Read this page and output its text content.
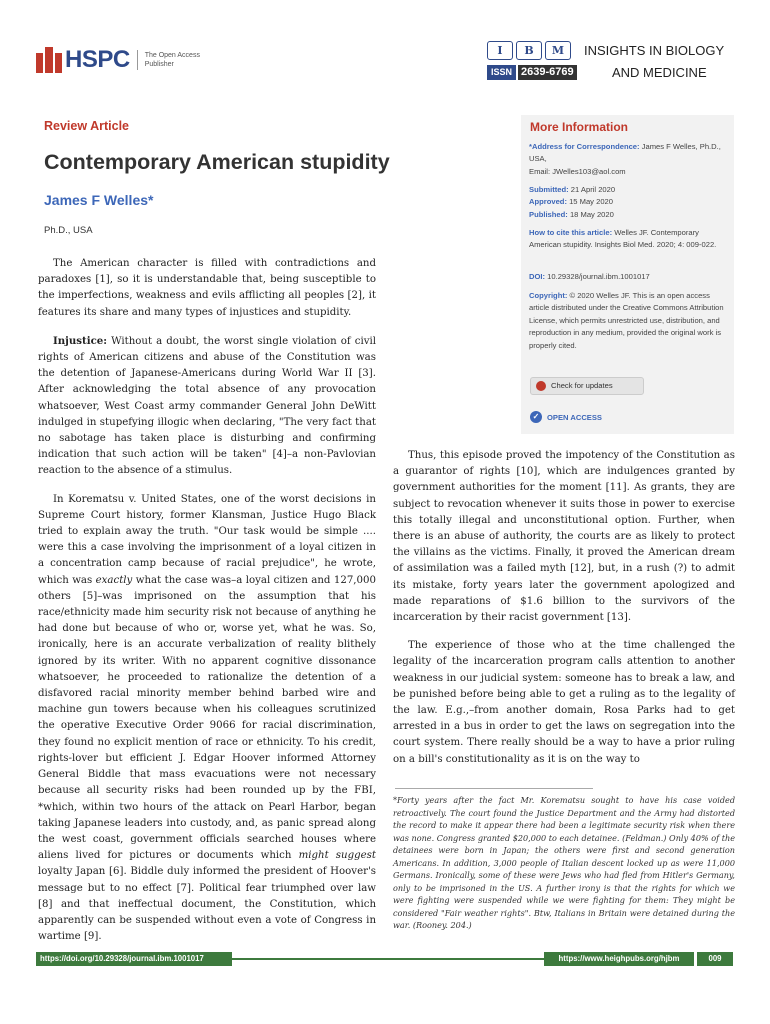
HSPC The Open Access
Publisher
I B M	INSIGHTS IN BIOLOGY
ISSN 2639-6769	AND MEDICINE
Review Article
Contemporary American stupidity
James F Welles*
Ph.D., USA
More Information
*Address for Correspondence: James F Welles, Ph.D., USA,
Email: JWelles103@aol.com
Submitted: 21 April 2020
Approved: 15 May 2020
Published: 18 May 2020
How to cite this article: Welles JF. Contemporary American stupidity. Insights Biol Med. 2020; 4: 009-022.
DOI: 10.29328/journal.ibm.1001017
Copyright: © 2020 Welles JF. This is an open access article distributed under the Creative Commons Attribution License, which permits unrestricted use, distribution, and reproduction in any medium, provided the original work is properly cited.
Check for updates
✓	OPEN ACCESS

The American character is filled with contradictions and paradoxes [1], so it is understandable that, being susceptible to the imperfections, weakness and evils afflicting all peoples [2], it features its share and many types of injustices and stupidity.

Injustice: Without a doubt, the worst single violation of civil rights of American citizens and abuse of the Constitution was the detention of Japanese-Americans during World War II [3]. After acknowledging the total absence of any provocation whatsoever, West Coast army commander General John DeWitt indulged in stupefying illogic when declaring, "The very fact that no sabotage has taken place is disturbing and confirming indication that such action will be taken" [4]–a non-Pavlovian reaction to the absence of a stimulus.

In Korematsu v. United States, one of the worst decisions in Supreme Court history, former Klansman, Justice Hugo Black tried to explain away the truth. "Our task would be simple .... were this a case involving the imprisonment of a loyal citizen in a concentration camp because of racial prejudice", he wrote, which was exactly what the case was–a loyal citizen and 127,000 others [5]–was imprisoned on the assumption that his race/ethnicity made him security risk not because of anything he had done but because of who or, worse yet, what he was. So, ironically, here is an accurate verbalization of reality blithely ignored by its writer. With no apparent cognitive dissonance whatsoever, he proceeded to rationalize the detention of a disfavored racial minority member behind barbed wire and machine gun towers because when his colleagues scrutinized the operative Executive Order 9066 for racial discrimination, they found no explicit mention of race or ethnicity. To his credit, rights-lover but efficient J. Edgar Hoover informed Attorney General Biddle that mass evacuations were not necessary because all security risks had been rounded up by the FBI, *which, within two hours of the attack on Pearl Harbor, began taking Japanese leaders into custody, and, as panic spread along the west coast, government officials searched houses where aliens lived for pictures or documents which might suggest loyalty Japan [6]. Biddle duly informed the president of Hoover's message but to no effect [7]. Political fear triumphed over law [8] and that ineffectual document, the Constitution, which apparently can be suspended without even a vote of Congress in wartime [9].

Thus, this episode proved the impotency of the Constitution as a guarantor of rights [10], which are indulgences granted by government authorities for the moment [11]. As grants, they are subject to revocation whenever it suits those in power to exercise this totally illegal and unconstitutional option. Further, when there is an abuse of authority, the courts are as likely to protect the villains as the victims. Finally, it proved the American dream of assimilation was a failed myth [12], but, in a rush (?) to admit its mistake, forty years later the government apologized and made reparations of $1.6 billion to the survivors of the incarceration by their racist government [13].

The experience of those who at the time challenged the legality of the incarceration program calls attention to another weakness in our judicial system: someone has to break a law, and be punished before being able to get a ruling as to the legality of the law. E.g.,–from another domain, Rosa Parks had to get arrested in a bus in order to get the laws on segregation into the court system. There really should be a way to have a prior ruling on a bill's constitutionality as it is on the way to

*Forty years after the fact Mr. Korematsu sought to have his case voided retroactively. The court found the Justice Department and the Army had distorted the record to make it appear there had been a legitimate security risk when there was none. Congress granted $20,000 to each detainee. (Feldman.) Only 40% of the detainees were born in Japan; the others were first and second generation Americans. In addition, 3,000 people of Italian descent locked up as were 11,000 Germans. Ironically, some of these were Jews who had fled from Hitler's Germany, only to be imprisoned in the US. A further irony is that the rights for which we were fighting were suspended while we were fighting for them: They might be considered "Fair weather rights". Btw, Italians in Britain were detained during the war. (Rooney. 204.)
https://doi.org/10.29328/journal.ibm.1001017	https://www.heighpubs.org/hjbm	009
